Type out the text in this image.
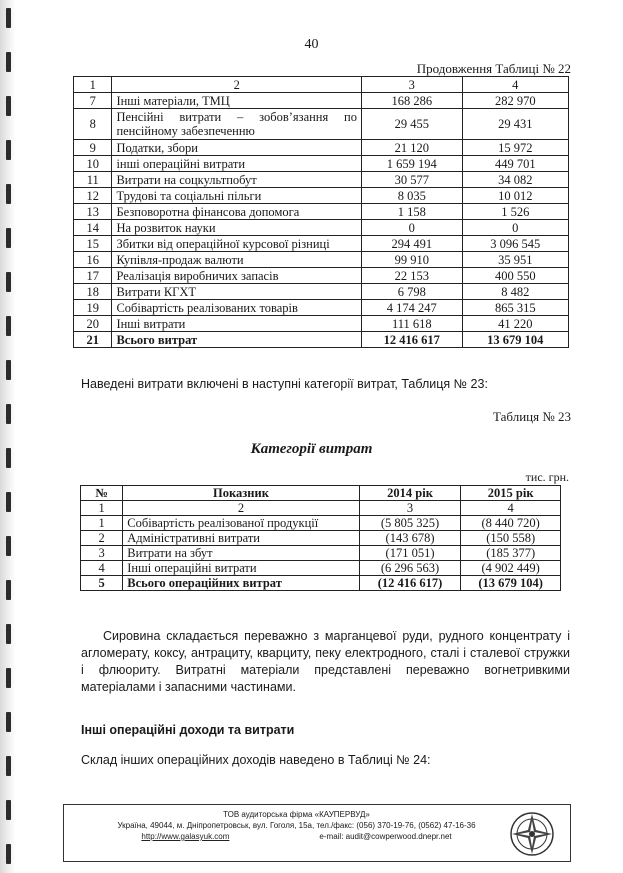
40
Продовження Таблиці № 22
1	2	3	4
7	Інші матеріали, ТМЦ	168 286	282 970
8	Пенсійні витрати – зобов’язання по пенсійному забезпеченню	29 455	29 431
9	Податки, збори	21 120	15 972
10	інші операційні витрати	1 659 194	449 701
11	Витрати на соцкультпобут	30 577	34 082
12	Трудові та соціальні пільги	8 035	10 012
13	Безповоротна фінансова допомога	1 158	1 526
14	На розвиток науки	0	0
15	Збитки від операційної курсової різниці	294 491	3 096 545
16	Купівля-продаж валюти	99 910	35 951
17	Реалізація виробничих запасів	22 153	400 550
18	Витрати КГХТ	6 798	8 482
19	Собівартість реалізованих товарів	4 174 247	865 315
20	Інші витрати	111 618	41 220
21	Всього витрат	12 416 617	13 679 104
Наведені витрати включені в наступні категорії витрат, Таблиця № 23:
Таблиця № 23
Категорії витрат
тис. грн.
№	Показник	2014 рік	2015 рік
1	2	3	4
1	Собівартість реалізованої продукції	(5 805 325)	(8 440 720)
2	Адміністративні витрати	(143 678)	(150 558)
3	Витрати на збут	(171 051)	(185 377)
4	Інші операційні витрати	(6 296 563)	(4 902 449)
5	Всього операційних витрат	(12 416 617)	(13 679 104)
Сировина складається переважно з марганцевої руди, рудного концентрату і агломерату, коксу, антрациту, кварциту, пеку електродного, сталі і сталевої стружки і флюориту. Витратні матеріали представлені переважно вогнетривкими матеріалами і запасними частинами.
Інші операційні доходи та витрати
Склад інших операційних доходів наведено в Таблиці № 24:
ТОВ аудиторська фірма «КАУПЕРВУД»
Україна, 49044, м. Дніпропетровськ, вул. Гоголя, 15а, тел./факс: (056) 370-19-76, (0562) 47-16-36
http://www.galasyuk.com	e-mail: audit@cowperwood.dnepr.net
